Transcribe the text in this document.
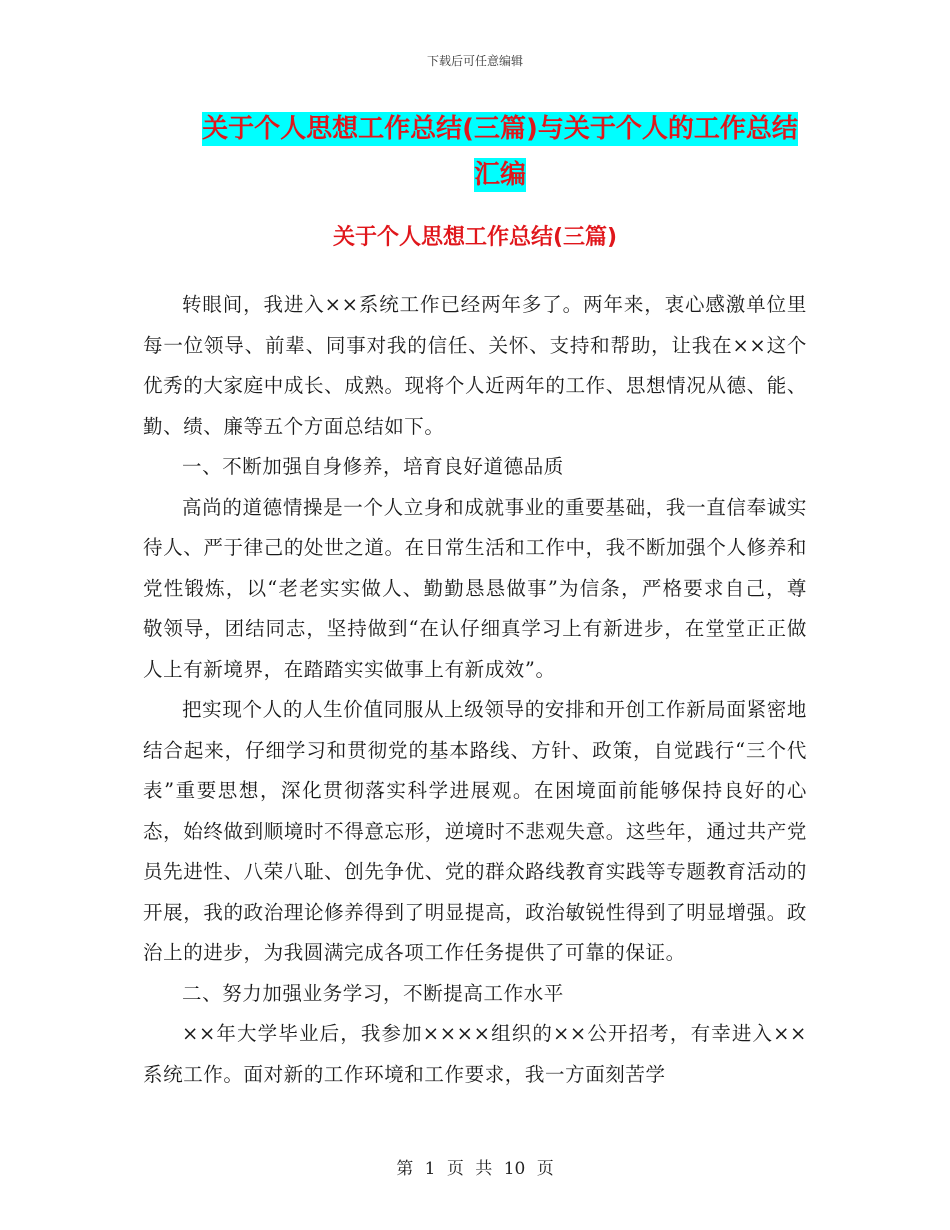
下载后可任意编辑
关于个人思想工作总结(三篇)与关于个人的工作总结
汇编
关于个人思想工作总结(三篇)

转眼间，我进入××系统工作已经两年多了。两年来，衷心感激单位里每一位领导、前辈、同事对我的信任、关怀、支持和帮助，让我在××这个优秀的大家庭中成长、成熟。现将个人近两年的工作、思想情况从德、能、勤、绩、廉等五个方面总结如下。

一、不断加强自身修养，培育良好道德品质

高尚的道德情操是一个人立身和成就事业的重要基础，我一直信奉诚实待人、严于律己的处世之道。在日常生活和工作中，我不断加强个人修养和党性锻炼，以“老老实实做人、勤勤恳恳做事”为信条，严格要求自己，尊敬领导，团结同志，坚持做到“在认仔细真学习上有新进步，在堂堂正正做人上有新境界，在踏踏实实做事上有新成效”。

把实现个人的人生价值同服从上级领导的安排和开创工作新局面紧密地结合起来，仔细学习和贯彻党的基本路线、方针、政策，自觉践行“三个代表”重要思想，深化贯彻落实科学进展观。在困境面前能够保持良好的心态，始终做到顺境时不得意忘形，逆境时不悲观失意。这些年，通过共产党员先进性、八荣八耻、创先争优、党的群众路线教育实践等专题教育活动的开展，我的政治理论修养得到了明显提高，政治敏锐性得到了明显增强。政治上的进步，为我圆满完成各项工作任务提供了可靠的保证。

二、努力加强业务学习，不断提高工作水平

××年大学毕业后，我参加××××组织的××公开招考，有幸进入××系统工作。面对新的工作环境和工作要求，我一方面刻苦学

第 1 页 共 10 页
